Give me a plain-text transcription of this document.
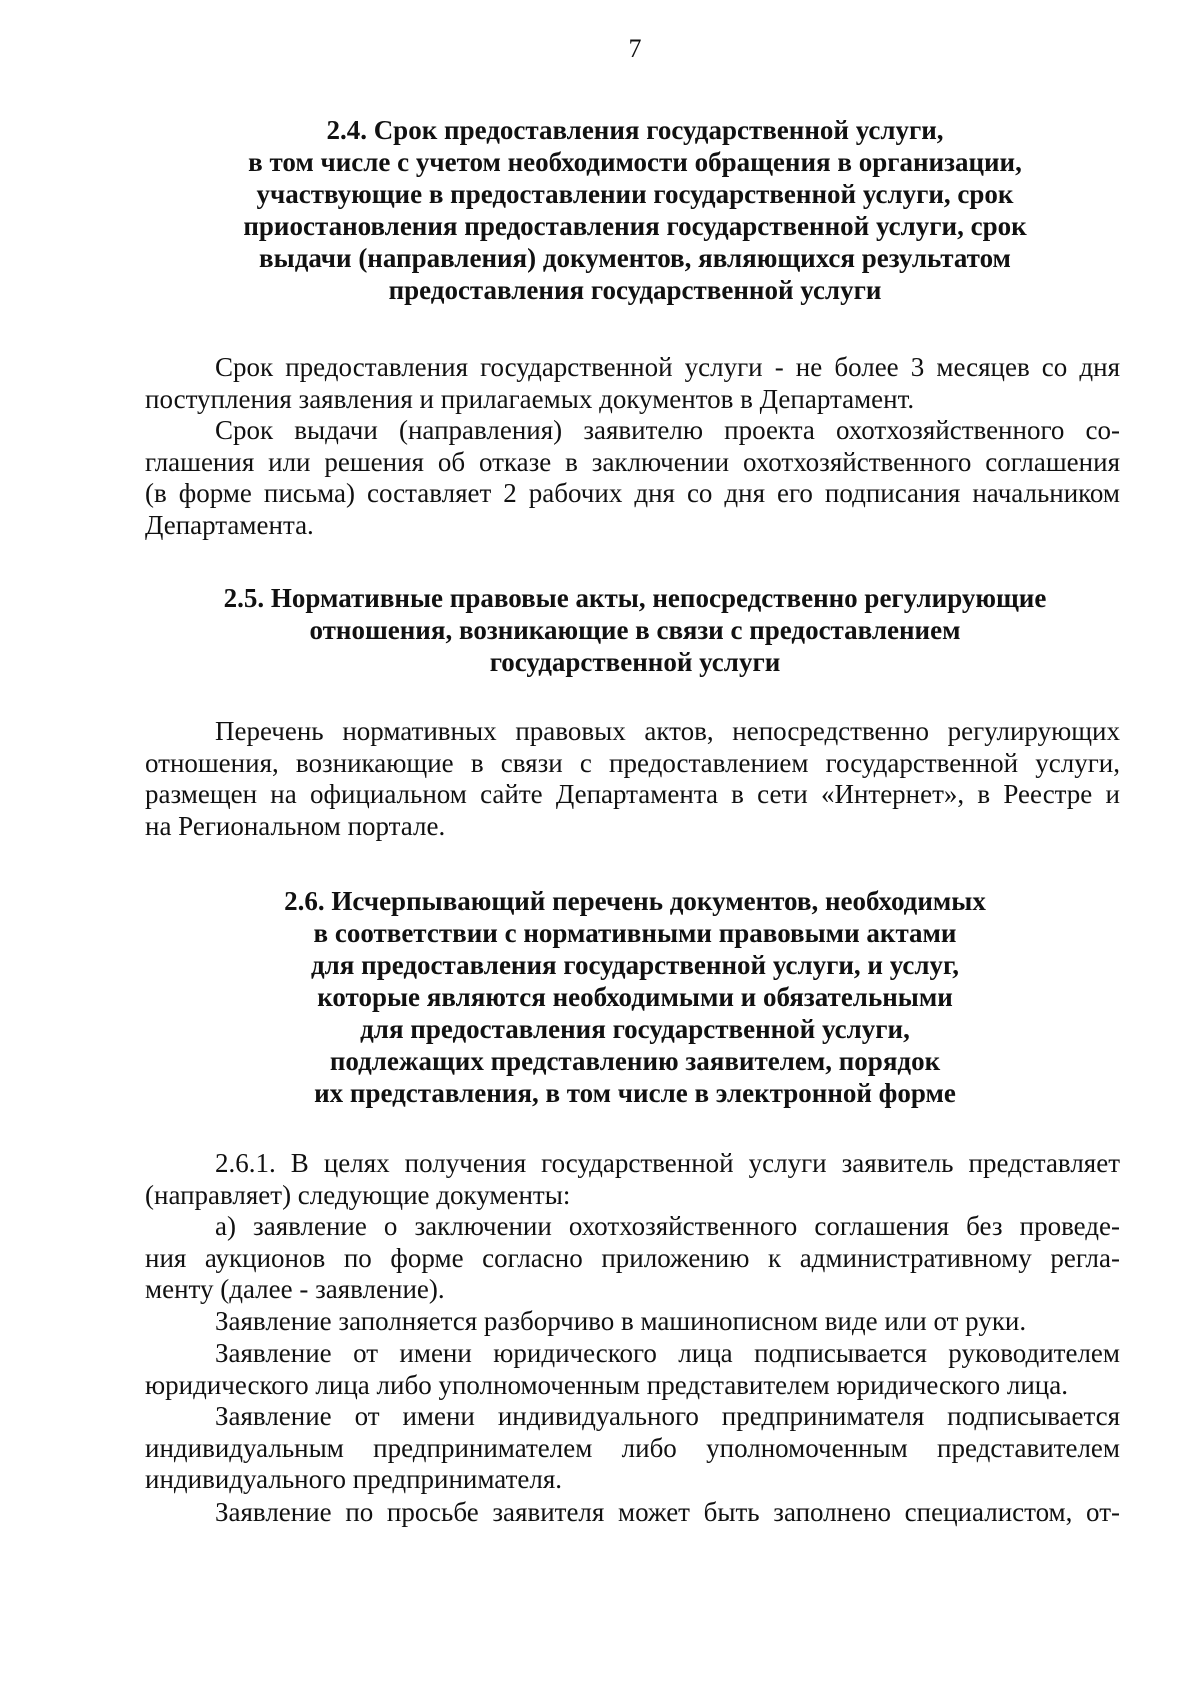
7
2.4. Срок предоставления государственной услуги,
в том числе с учетом необходимости обращения в организации,
участвующие в предоставлении государственной услуги, срок
приостановления предоставления государственной услуги, срок
выдачи (направления) документов, являющихся результатом
предоставления государственной услуги

Срок предоставления государственной услуги - не более 3 месяцев со дня
поступления заявления и прилагаемых документов в Департамент.

Срок выдачи (направления) заявителю проекта охотхозяйственного со-
глашения или решения об отказе в заключении охотхозяйственного соглашения
(в форме письма) составляет 2 рабочих дня со дня его подписания начальником
Департамента.

2.5. Нормативные правовые акты, непосредственно регулирующие
отношения, возникающие в связи с предоставлением
государственной услуги

Перечень нормативных правовых актов, непосредственно регулирующих
отношения, возникающие в связи с предоставлением государственной услуги,
размещен на официальном сайте Департамента в сети «Интернет», в Реестре и
на Региональном портале.

2.6. Исчерпывающий перечень документов, необходимых
в соответствии с нормативными правовыми актами
для предоставления государственной услуги, и услуг,
которые являются необходимыми и обязательными
для предоставления государственной услуги,
подлежащих представлению заявителем, порядок
их представления, в том числе в электронной форме

2.6.1. В целях получения государственной услуги заявитель представляет
(направляет) следующие документы:

а) заявление о заключении охотхозяйственного соглашения без проведе-
ния аукционов по форме согласно приложению к административному регла-
менту (далее - заявление).

Заявление заполняется разборчиво в машинописном виде или от руки.

Заявление от имени юридического лица подписывается руководителем
юридического лица либо уполномоченным представителем юридического лица.

Заявление от имени индивидуального предпринимателя подписывается
индивидуальным предпринимателем либо уполномоченным представителем
индивидуального предпринимателя.

Заявление по просьбе заявителя может быть заполнено специалистом, от-
